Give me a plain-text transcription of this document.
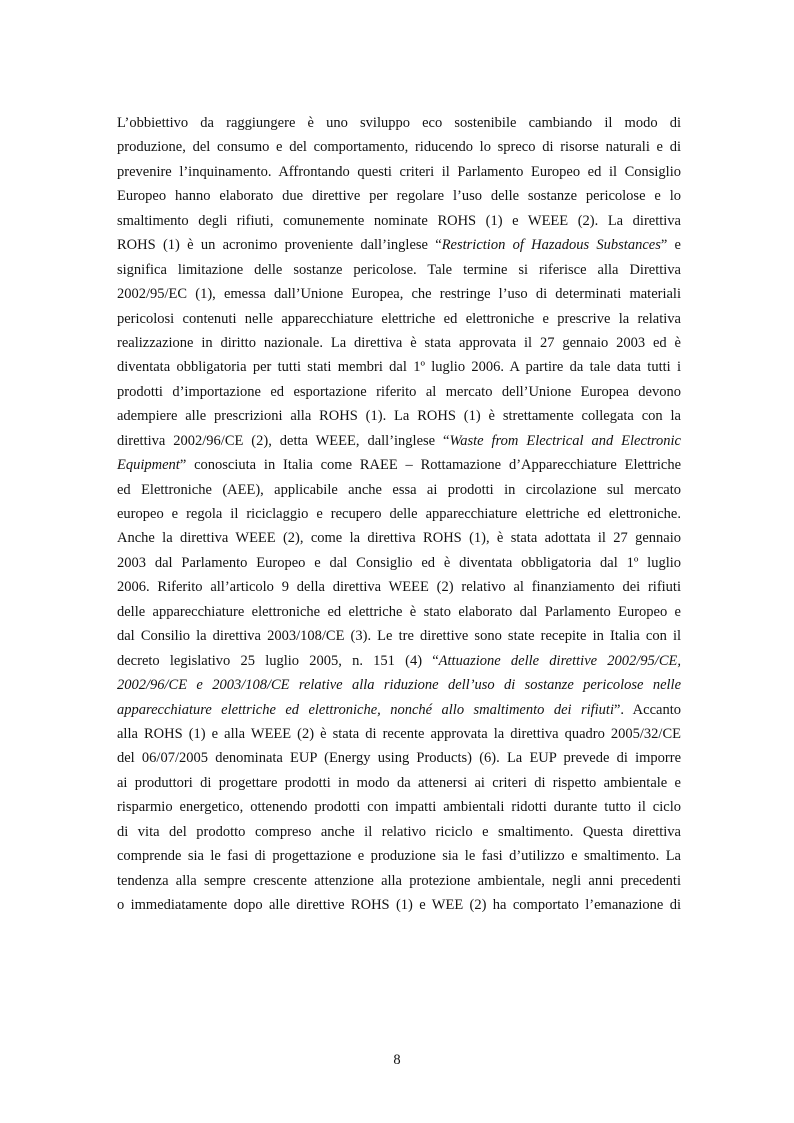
L’obbiettivo da raggiungere è uno sviluppo eco sostenibile cambiando il modo di
produzione, del consumo e del comportamento, riducendo lo spreco di risorse naturali e di
prevenire l’inquinamento. Affrontando questi criteri il Parlamento Europeo ed il Consiglio
Europeo hanno elaborato due direttive per regolare l’uso delle sostanze pericolose e lo
smaltimento degli rifiuti, comunemente nominate ROHS (1) e WEEE (2). La direttiva
ROHS (1) è un acronimo proveniente dall’inglese “Restriction of Hazadous Substances” e
significa limitazione delle sostanze pericolose. Tale termine si riferisce alla Direttiva
2002/95/EC (1), emessa dall’Unione Europea, che restringe l’uso di determinati materiali
pericolosi contenuti nelle apparecchiature elettriche ed elettroniche e prescrive la relativa
realizzazione in diritto nazionale. La direttiva è stata approvata il 27 gennaio 2003 ed è
diventata obbligatoria per tutti stati membri dal 1º luglio 2006. A partire da tale data tutti i
prodotti d’importazione ed esportazione riferito al mercato dell’Unione Europea devono
adempiere alle prescrizioni alla ROHS (1). La ROHS (1) è strettamente collegata con la
direttiva 2002/96/CE (2), detta WEEE, dall’inglese “Waste from Electrical and Electronic
Equipment” conosciuta in Italia come RAEE – Rottamazione d’Apparecchiature Elettriche
ed Elettroniche (AEE), applicabile anche essa ai prodotti in circolazione sul mercato
europeo e regola il riciclaggio e recupero delle apparecchiature elettriche ed elettroniche.
Anche la direttiva WEEE (2), come la direttiva ROHS (1), è stata adottata il 27 gennaio
2003 dal Parlamento Europeo e dal Consiglio ed è diventata obbligatoria dal 1º luglio
2006. Riferito all’articolo 9 della direttiva WEEE (2) relativo al finanziamento dei rifiuti
delle apparecchiature elettroniche ed elettriche è stato elaborato dal Parlamento Europeo e
dal Consilio la direttiva 2003/108/CE (3). Le tre direttive sono state recepite in Italia con il
decreto legislativo 25 luglio 2005, n. 151 (4) “Attuazione delle direttive 2002/95/CE,
2002/96/CE e 2003/108/CE relative alla riduzione dell’uso di sostanze pericolose nelle
apparecchiature elettriche ed elettroniche, nonché allo smaltimento dei rifiuti”. Accanto
alla ROHS (1) e alla WEEE (2) è stata di recente approvata la direttiva quadro 2005/32/CE
del 06/07/2005 denominata EUP (Energy using Products) (6). La EUP prevede di imporre
ai produttori di progettare prodotti in modo da attenersi ai criteri di rispetto ambientale e
risparmio energetico, ottenendo prodotti con impatti ambientali ridotti durante tutto il ciclo
di vita del prodotto compreso anche il relativo riciclo e smaltimento. Questa direttiva
comprende sia le fasi di progettazione e produzione sia le fasi d’utilizzo e smaltimento. La
tendenza alla sempre crescente attenzione alla protezione ambientale, negli anni precedenti
o immediatamente dopo alle direttive ROHS (1) e WEE (2) ha comportato l’emanazione di
8
